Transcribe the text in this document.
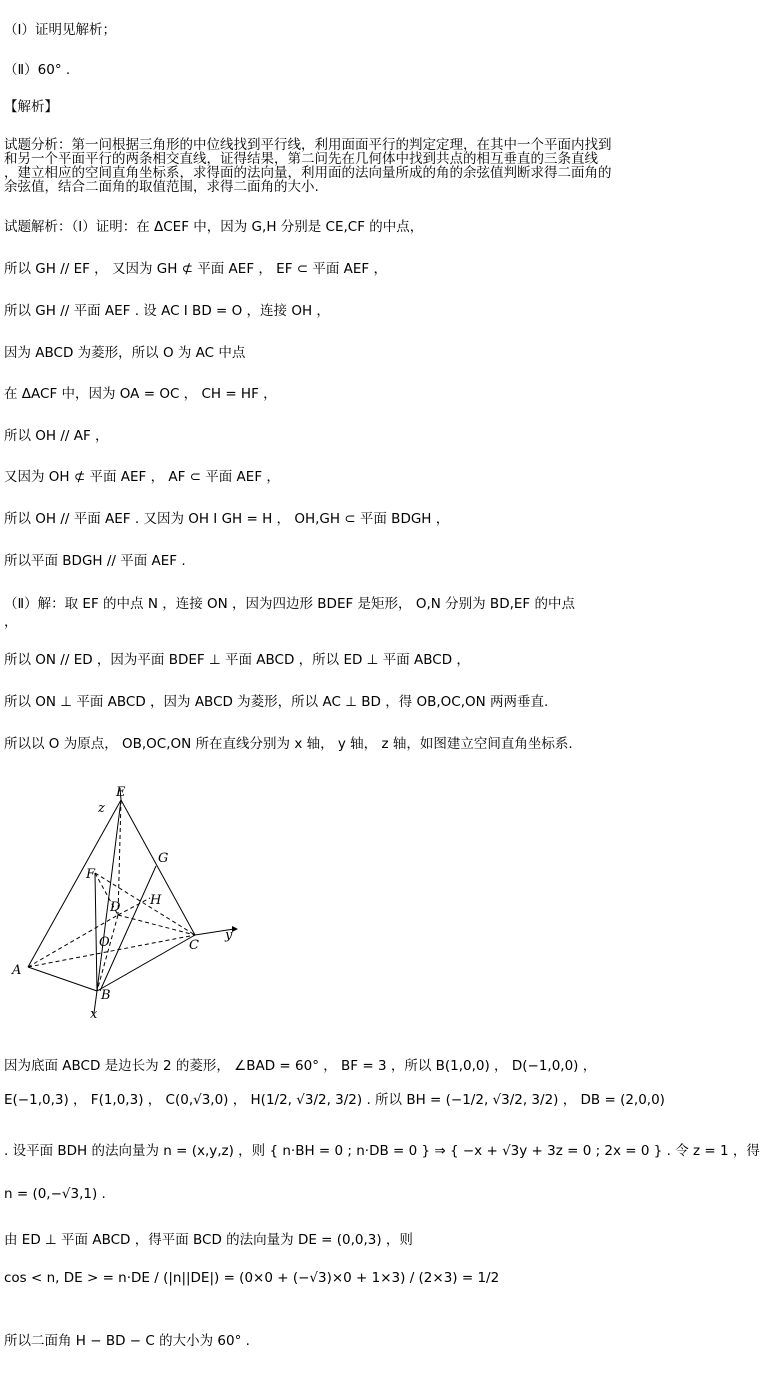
（Ⅰ）证明见解析；
（Ⅱ）60° .
【解析】
试题分析：第一问根据三角形的中位线找到平行线，利用面面平行的判定定理，在其中一个平面内找到
和另一个平面平行的两条相交直线，证得结果，第二问先在几何体中找到共点的相互垂直的三条直线
，建立相应的空间直角坐标系，求得面的法向量，利用面的法向量所成的角的余弦值判断求得二面角的
余弦值，结合二面角的取值范围，求得二面角的大小.
试题解析：（Ⅰ）证明：在 ΔCEF 中，因为 G,H 分别是 CE,CF 的中点，
所以 GH // EF ， 又因为 GH ⊄ 平面 AEF ， EF ⊂ 平面 AEF ，
所以 GH // 平面 AEF . 设 AC I BD = O ，连接 OH ，
因为 ABCD 为菱形，所以 O 为 AC 中点
在 ΔACF 中，因为 OA = OC ， CH = HF ，
所以 OH // AF ，
又因为 OH ⊄ 平面 AEF ， AF ⊂ 平面 AEF ，
所以 OH // 平面 AEF . 又因为 OH I GH = H ， OH,GH ⊂ 平面 BDGH ，
所以平面 BDGH // 平面 AEF .
（Ⅱ）解：取 EF 的中点 N ，连接 ON ，因为四边形 BDEF 是矩形， O,N 分别为 BD,EF 的中点
，
所以 ON // ED ，因为平面 BDEF ⊥ 平面 ABCD ，所以 ED ⊥ 平面 ABCD ，
所以 ON ⊥ 平面 ABCD ，因为 ABCD 为菱形，所以 AC ⊥ BD ，得 OB,OC,ON 两两垂直.
所以以 O 为原点， OB,OC,ON 所在直线分别为 x 轴， y 轴， z 轴，如图建立空间直角坐标系.
E
z
F
G
H
D
O	C
y
A
B
x
因为底面 ABCD 是边长为 2 的菱形， ∠BAD = 60° ， BF = 3 ，所以 B(1,0,0) ， D(−1,0,0) ，
E(−1,0,3) ， F(1,0,3) ， C(0,√3,0) ， H(1/2, √3/2, 3/2) . 所以 BH = (−1/2, √3/2, 3/2) ， DB = (2,0,0)
. 设平面 BDH 的法向量为 n = (x,y,z) ，则 { n·BH = 0 ; n·DB = 0 } ⇒ { −x + √3y + 3z = 0 ; 2x = 0 } . 令 z = 1 ，得
n = (0,−√3,1) .
由 ED ⊥ 平面 ABCD ，得平面 BCD 的法向量为 DE = (0,0,3) ，则
cos < n, DE > = n·DE / (|n||DE|) = (0×0 + (−√3)×0 + 1×3) / (2×3) = 1/2
所以二面角 H − BD − C 的大小为 60° .
